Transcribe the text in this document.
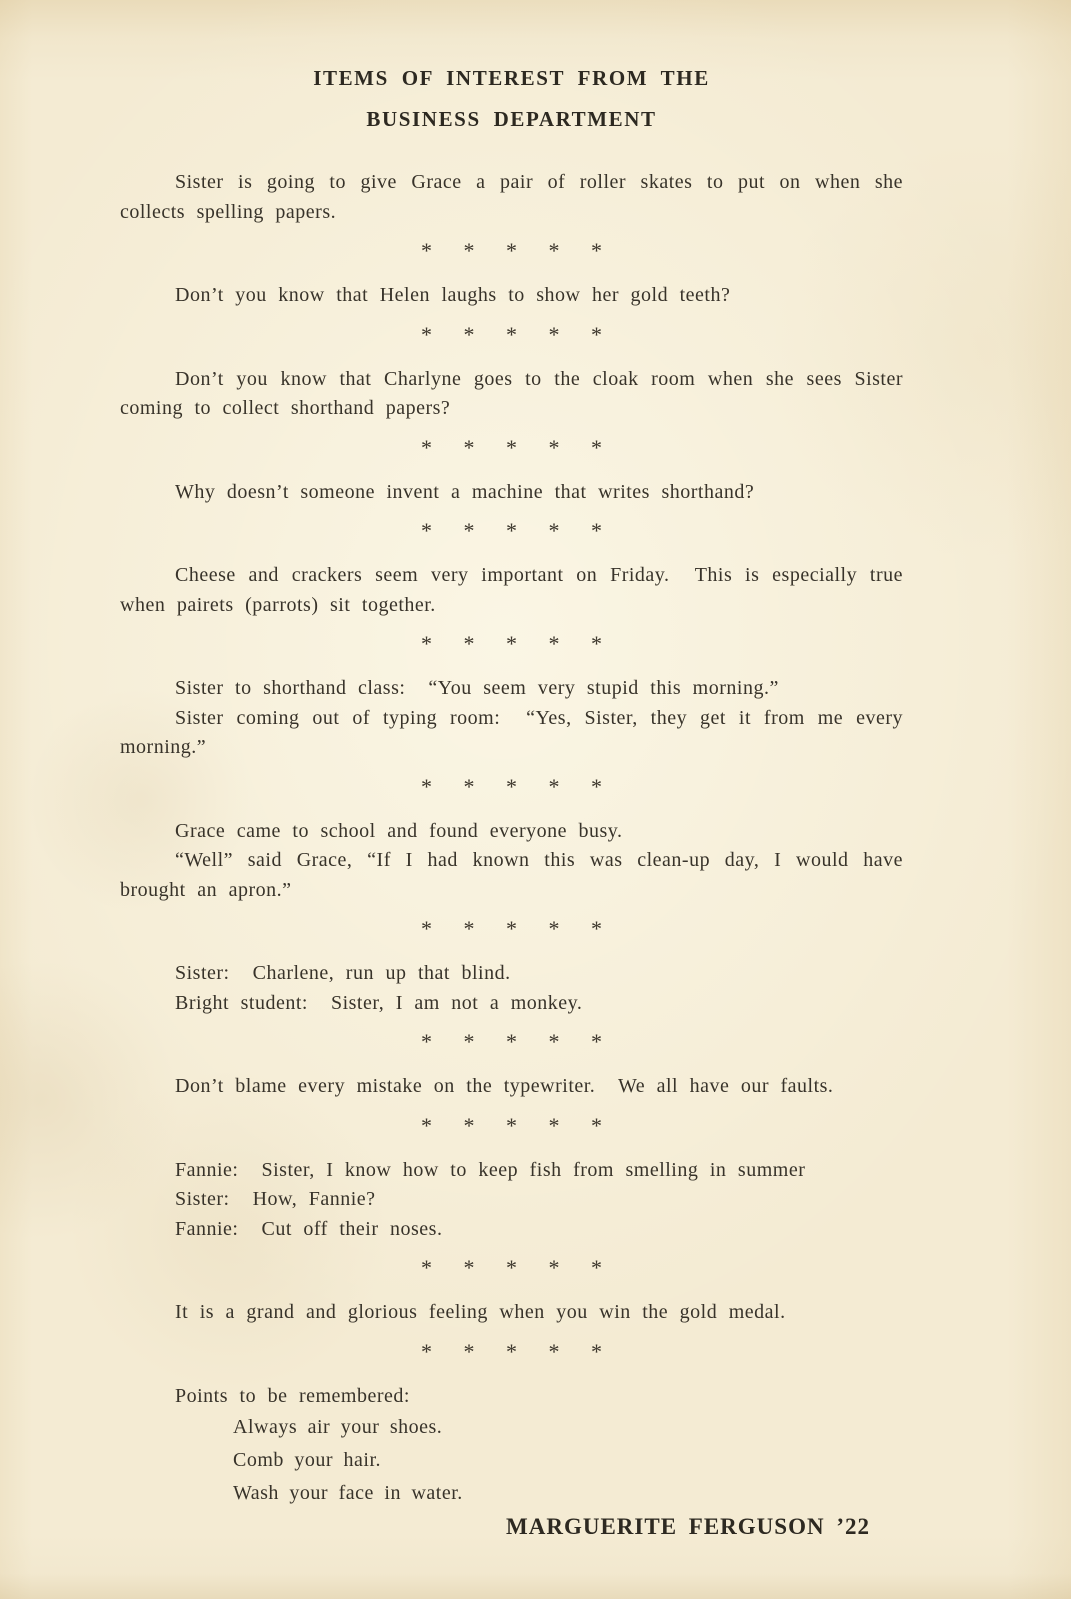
ITEMS OF INTEREST FROM THE
BUSINESS DEPARTMENT

Sister is going to give Grace a pair of roller skates to put on when she collects spelling papers.

* * * * *

Don’t you know that Helen laughs to show her gold teeth?

* * * * *

Don’t you know that Charlyne goes to the cloak room when she sees Sister coming to collect shorthand papers?

* * * * *

Why doesn’t someone invent a machine that writes shorthand?

* * * * *

Cheese and crackers seem very important on Friday.  This is especially true when pairets (parrots) sit together.

* * * * *

Sister to shorthand class:  “You seem very stupid this morning.”

Sister coming out of typing room:  “Yes, Sister, they get it from me every morning.”

* * * * *

Grace came to school and found everyone busy.

“Well” said Grace, “If I had known this was clean-up day, I would have brought an apron.”

* * * * *

Sister:  Charlene, run up that blind.

Bright student:  Sister, I am not a monkey.

* * * * *

Don’t blame every mistake on the typewriter.  We all have our faults.

* * * * *

Fannie:  Sister, I know how to keep fish from smelling in summer

Sister:  How, Fannie?

Fannie:  Cut off their noses.

* * * * *

It is a grand and glorious feeling when you win the gold medal.

* * * * *

Points to be remembered:

Always air your shoes.

Comb your hair.

Wash your face in water.

MARGUERITE FERGUSON ’22
